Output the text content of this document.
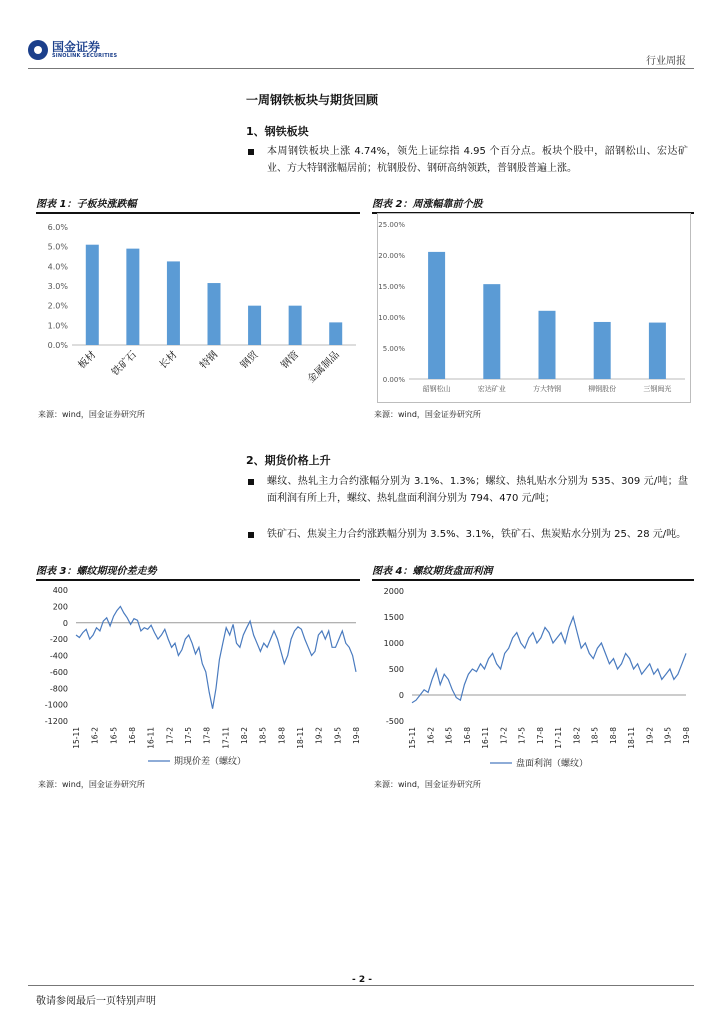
国金证券
SINOLINK SECURITIES	行业周报
一周钢铁板块与期货回顾
1、钢铁板块
本周钢铁板块上涨 4.74%，领先上证综指 4.95 个百分点。板块个股中，韶钢松山、宏达矿业、方大特钢涨幅居前；杭钢股份、钢研高纳领跌，普钢股普遍上涨。
图表 1：子板块涨跌幅
0.0%
1.0%
2.0%
3.0%
4.0%
5.0%
6.0%
板材 铁矿石 长材 特钢 钢贸 钢管 金属制品
来源：wind，国金证券研究所
图表 2：周涨幅靠前个股
0.00%
5.00%
10.00%
15.00%
20.00%
25.00%
韶钢松山	宏达矿业	方大特钢	柳钢股份	三钢闽光
来源：wind，国金证券研究所
2、期货价格上升
螺纹、热轧主力合约涨幅分别为 3.1%、1.3%；螺纹、热轧贴水分别为 535、309 元/吨；盘面利润有所上升，螺纹、热轧盘面利润分别为 794、470 元/吨；
铁矿石、焦炭主力合约涨跌幅分别为 3.5%、3.1%，铁矿石、焦炭贴水分别为 25、28 元/吨。
图表 3：螺纹期现价差走势
400
200
0
-200
-400
-600
-800
-1000
-1200
15-11 16-2 16-5 16-8 16-11 17-2 17-5 17-8 17-11 18-2 18-5 18-8 18-11 19-2 19-5 19-8
期现价差（螺纹）
来源：wind，国金证券研究所
图表 4：螺纹期货盘面利润
2000
1500
1000
500
0
-500
15-11 16-2 16-5 16-8 16-11 17-2 17-5 17-8 17-11 18-2 18-5 18-8 18-11 19-2 19-5 19-8
盘面利润（螺纹）
来源：wind，国金证券研究所
- 2 -
敬请参阅最后一页特别声明
